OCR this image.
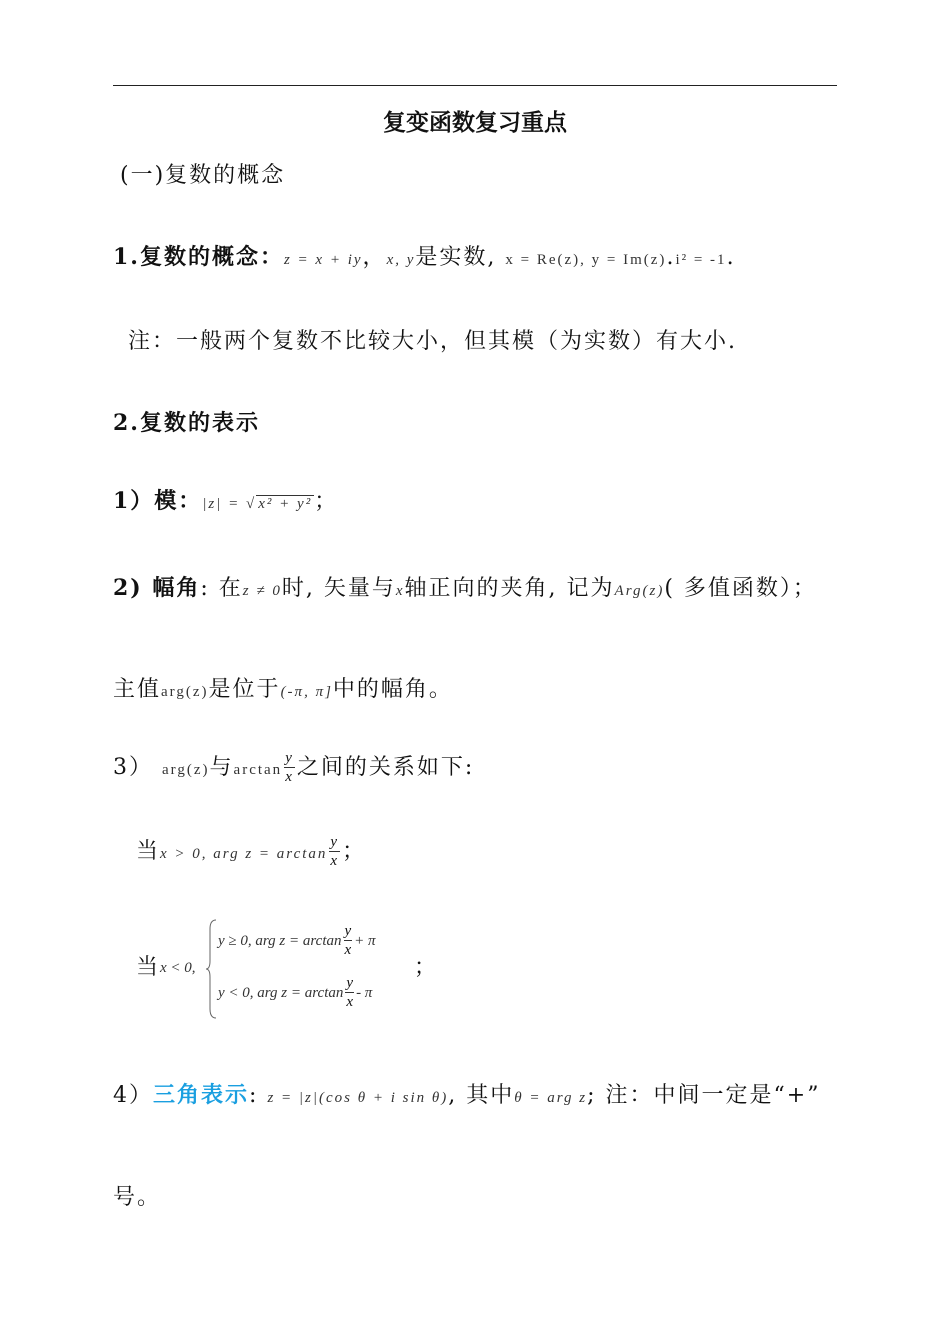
复变函数复习重点
(一)复数的概念
1.复数的概念：z = x + iy，x, y是实数, x = Re(z), y = Im(z).i² = -1.
注：一般两个复数不比较大小，但其模（为实数）有大小.
2.复数的表示
1）模：|z| = √ x² + y²；
2) 幅角: 在z ≠ 0时, 矢量与x轴正向的夹角, 记为Arg(z)( 多值函数）；
主值arg(z)是位于(-π, π]中的幅角。
3） arg(z)与$\arctan \frac{y}{x}$ 之间的关系如下:
当x > 0, arg $z = \arctan \frac{y}{x}$ ；
当 x < 0,
y ≥ 0, arg $z = \arctan \frac{y}{x} + \pi$
y < 0, arg $z = \arctan \frac{y}{x} - \pi$
；
4）三角表示: z = |z|(cos θ + i sin θ), 其中θ = arg z; 注：中间一定是“+”
号。
